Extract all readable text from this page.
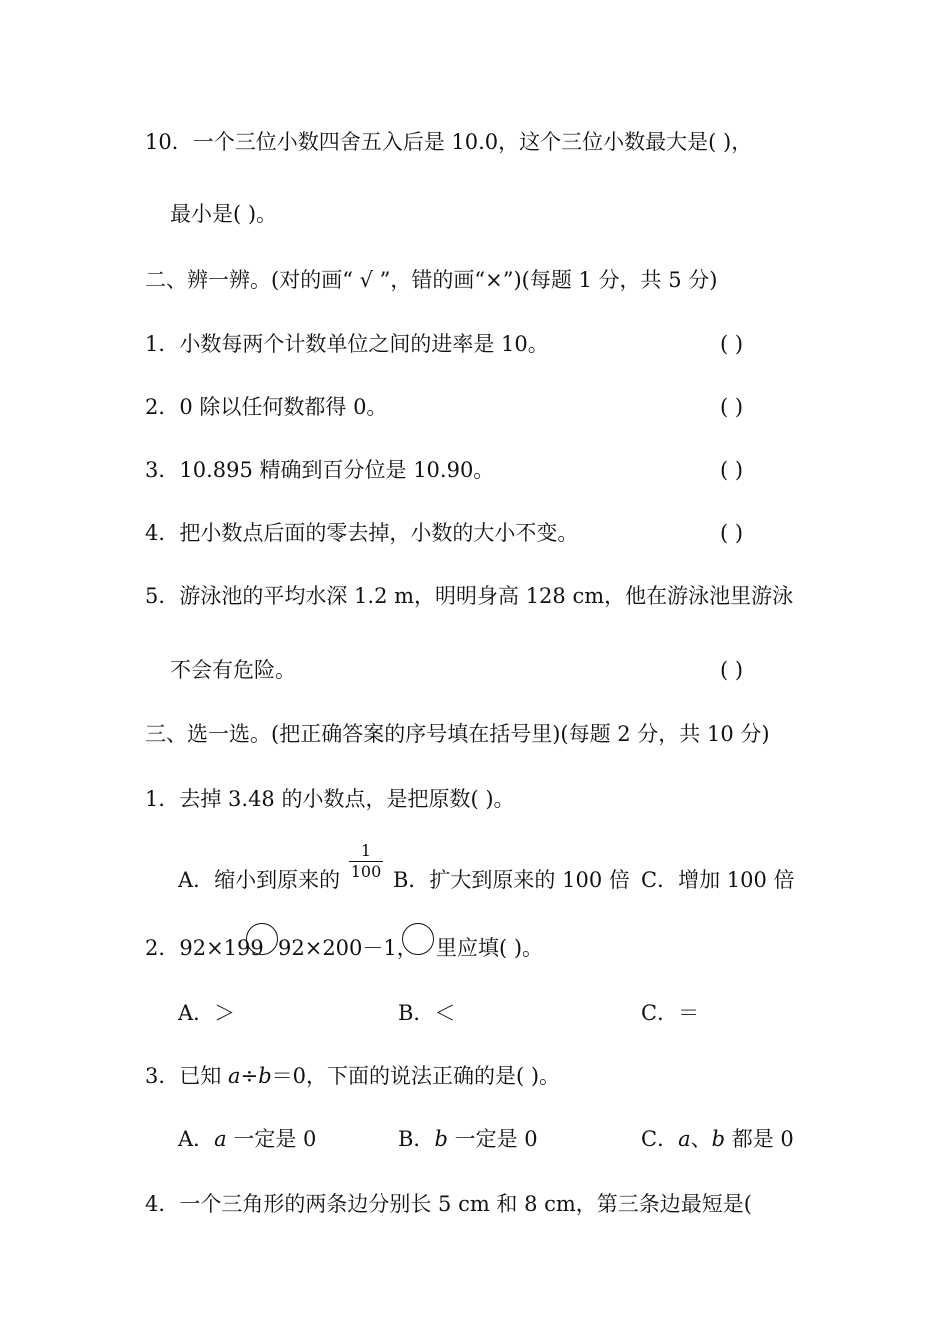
10．一个三位小数四舍五入后是 10.0，这个三位小数最大是( )，
最小是( )。
二、辨一辨。(对的画“ √ ”，错的画“×”)(每题 1 分，共 5 分)
1．小数每两个计数单位之间的进率是 10。	( )
2．0 除以任何数都得 0。	( )
3．10.895 精确到百分位是 10.90。	( )
4．把小数点后面的零去掉，小数的大小不变。	( )
5．游泳池的平均水深 1.2 m，明明身高 128 cm，他在游泳池里游泳
不会有危险。	( )
三、选一选。(把正确答案的序号填在括号里)(每题 2 分，共 10 分)
1．去掉 3.48 的小数点，是把原数( )。
A．缩小到原来的 $\frac{1}{100}$ B．扩大到原来的 100 倍 C．增加 100 倍
2．92×199 92×200－1， 里应填( )。
A．＞	B．＜	C．＝
3．已知 a÷b＝0，下面的说法正确的是( )。
A．a 一定是 0	B．b 一定是 0	C．a、b 都是 0
4．一个三角形的两条边分别长 5 cm 和 8 cm，第三条边最短是(
